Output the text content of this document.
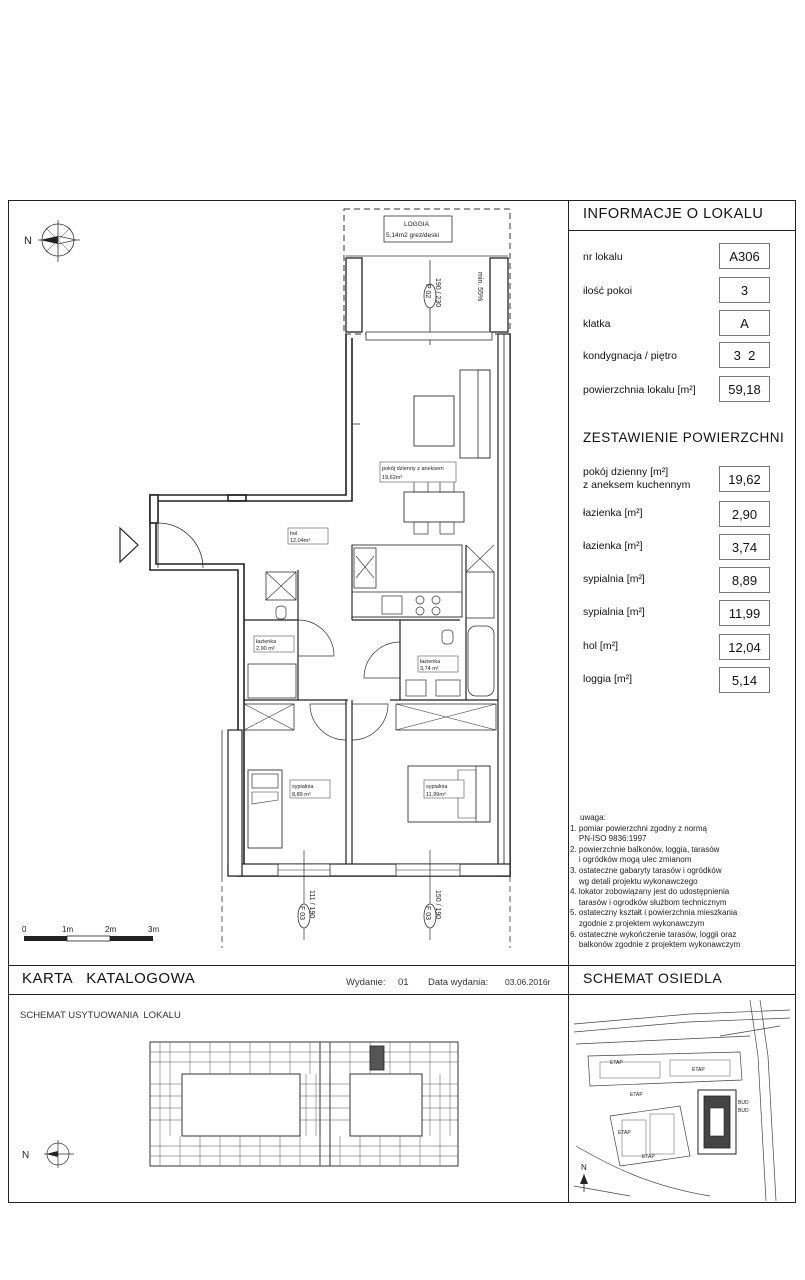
INFORMACJE O LOKALU
nr lokalu	A306
ilość pokoi	3
klatka	A
kondygnacja / piętro	3  2
powierzchnia lokalu [m²]	59,18
ZESTAWIENIE POWIERZCHNI
pokój dzienny [m²]
z aneksem kuchennym	19,62
łazienka [m²]	2,90
łazienka [m²]	3,74
sypialnia [m²]	8,89
sypialnia [m²]	11,99
hol [m²]	12,04
loggia [m²]	5,14
uwaga:
1. pomiar powierzchni zgodny z normą
PN-ISO 9836:1997
2. powierzchnie balkonów, loggia, tarasów
i ogródków mogą ulec zmianom
3. ostateczne gabaryty tarasów i ogródków
wg detali projektu wykonawczego
4. lokator zobowiązany jest do udostępnienia
tarasów i ogrodków służbom technicznym
5. ostateczny kształt i powierzchnia mieszkania
zgodnie z projektem wykonawczym
6. ostateczne wykończenie tarasów, loggii oraz
balkonów zgodnie z projektem wykonawczym
N
LOGGIA
5,14m2 grez/deski
P 02 190 / 230	min. 55%
pokój dzienny z aneksem
19,62m²
hol
12,04m²
łazienka
2,90 m²
łazienka
3,74 m²
sypialnia
8,89 m²
sypialnia
11,99m²
F 03 111 / 190	F 03 150 / 190
0	1m	2m	3m
KARTA   KATALOGOWA	Wydanie: 01 Data wydania: 03.06.2016r SCHEMAT OSIEDLA
SCHEMAT USYTUOWANIA  LOKALU
N
ETAP
ETAP
ETAP
ETAP
BUD
BUD
ETAP
N
